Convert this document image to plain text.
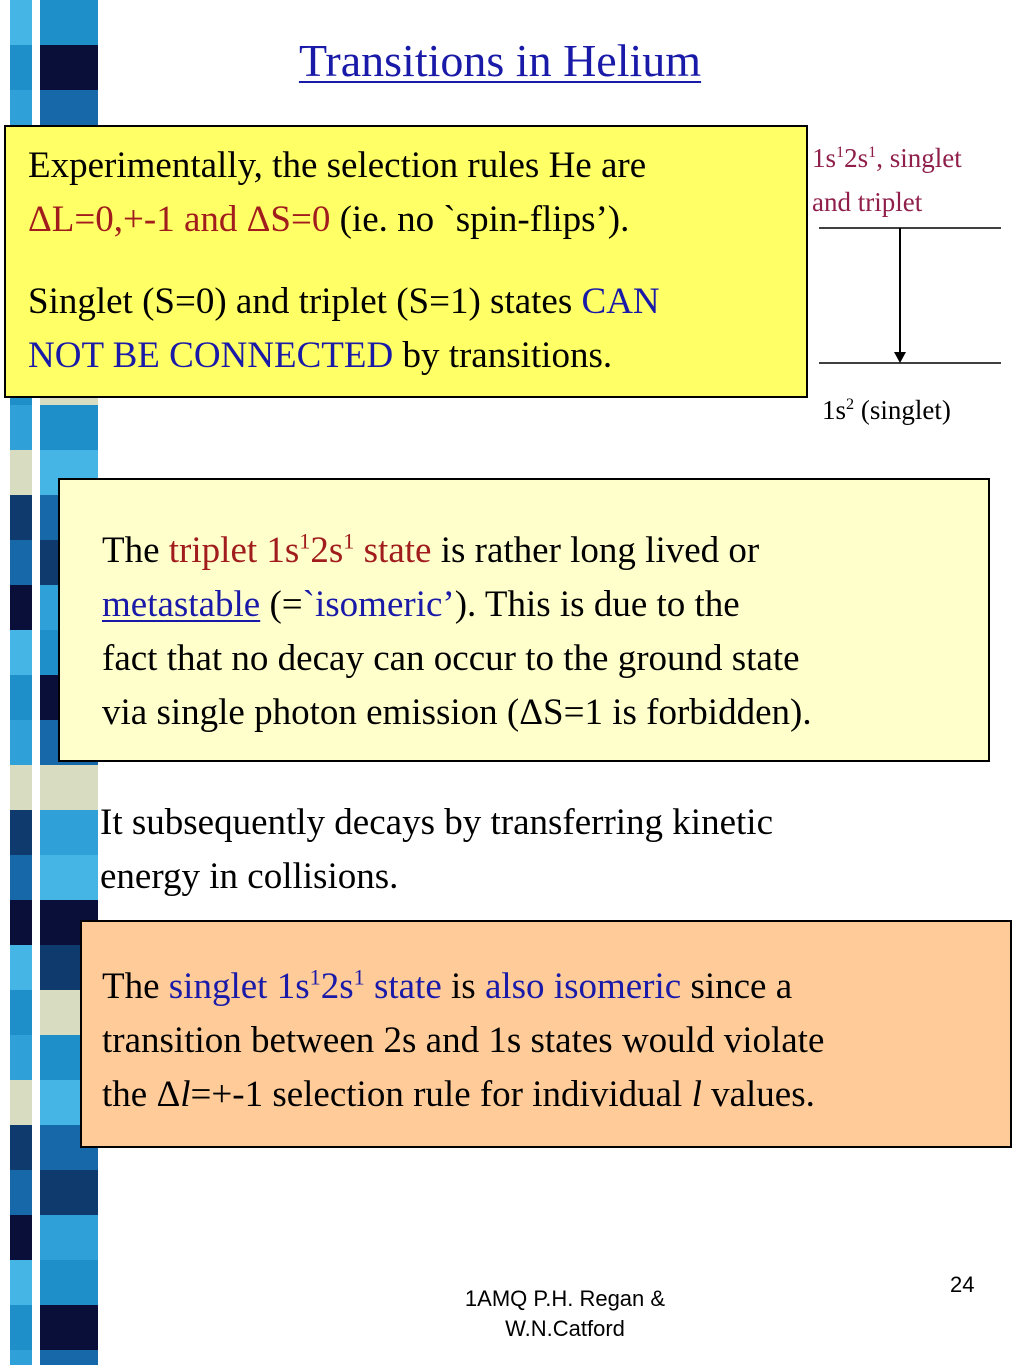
Transitions in Helium
Experimentally, the selection rules He are
ΔL=0,+-1 and ΔS=0 (ie. no `spin-flips’).
Singlet (S=0) and triplet (S=1) states CAN
NOT BE CONNECTED by transitions.
$1s^12s^1$, singlet
and triplet
$1s^2$ (singlet)
The triplet $1s^12s^1$ state is rather long lived or
metastable (=`isomeric’). This is due to the
fact that no decay can occur to the ground state
via single photon emission (ΔS=1 is forbidden).
It subsequently decays by transferring kinetic
energy in collisions.
The singlet $1s^12s^1$ state is also isomeric since a
transition between 2s and 1s states would violate
the Δl=+-1 selection rule for individual l values.
1AMQ P.H. Regan &
W.N.Catford
24
